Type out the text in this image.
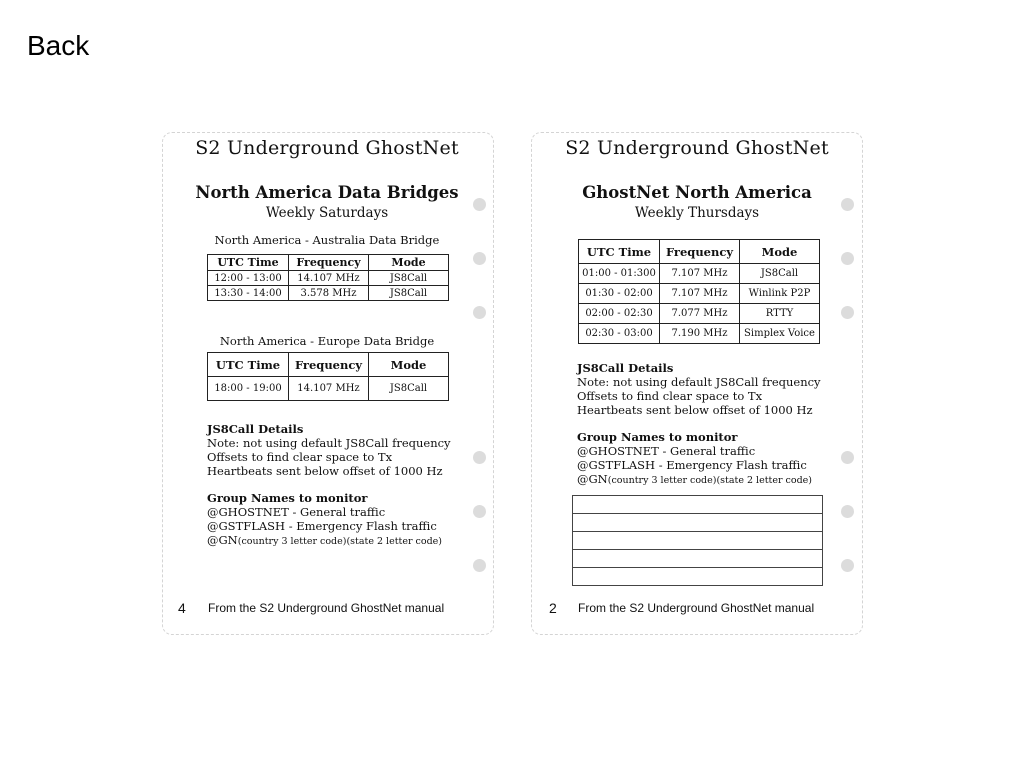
Back
S2 Underground GhostNet
North America Data Bridges
Weekly Saturdays
North America - Australia Data Bridge
UTC Time	Frequency	Mode
12:00 - 13:00	14.107 MHz	JS8Call
13:30 - 14:00	3.578 MHz	JS8Call
North America - Europe Data Bridge
UTC Time	Frequency	Mode
18:00 - 19:00	14.107 MHz	JS8Call
JS8Call Details
Note: not using default JS8Call frequency
Offsets to find clear space to Tx
Heartbeats sent below offset of 1000 Hz
Group Names to monitor
@GHOSTNET - General traffic
@GSTFLASH - Emergency Flash traffic
@GN(country 3 letter code)(state 2 letter code)
4 From the S2 Underground GhostNet manual
S2 Underground GhostNet
GhostNet North America
Weekly Thursdays
UTC Time	Frequency	Mode
01:00 - 01:300	7.107 MHz	JS8Call
01:30 - 02:00	7.107 MHz	Winlink P2P
02:00 - 02:30	7.077 MHz	RTTY
02:30 - 03:00	7.190 MHz	Simplex Voice
JS8Call Details
Note: not using default JS8Call frequency
Offsets to find clear space to Tx
Heartbeats sent below offset of 1000 Hz
Group Names to monitor
@GHOSTNET - General traffic
@GSTFLASH - Emergency Flash traffic
@GN(country 3 letter code)(state 2 letter code)

2 From the S2 Underground GhostNet manual
